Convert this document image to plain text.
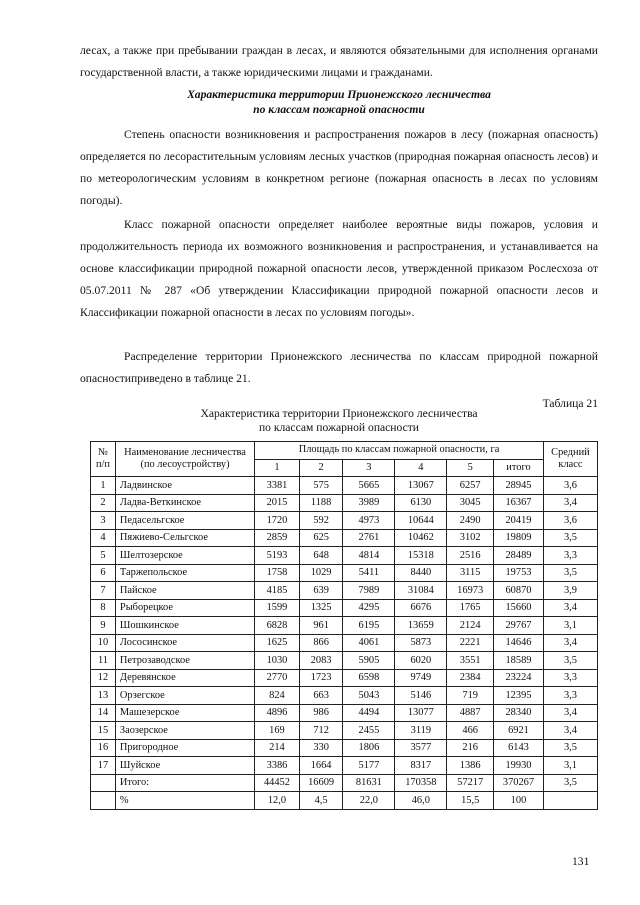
лесах, а также при пребывании граждан в лесах, и являются обязательными для исполнения органами государственной власти, а также юридическими лицами и гражданами.

Характеристика территории Прионежского лесничества
по классам пожарной опасности

Степень опасности возникновения и распространения пожаров в лесу (пожарная опасность) определяется по лесорастительным условиям лесных участков (природная пожарная опасность лесов) и по метеорологическим условиям в конкретном регионе (пожарная опасность в лесах по условиям погоды).

Класс пожарной опасности определяет наиболее вероятные виды пожаров, условия и продолжительность периода их возможного возникновения и распространения, и устанавливается на основе классификации природной пожарной опасности лесов, утвержденной приказом Рослесхоза от 05.07.2011 № 287 «Об утверждении Классификации природной пожарной опасности лесов и Классификации пожарной опасности в лесах по условиям погоды».

Распределение территории Прионежского лесничества по классам природной пожарной опасностиприведено в таблице 21.

Таблица 21
Характеристика территории Прионежского лесничества
по классам пожарной опасности
№ п/п	Наименование лесничества (по лесоустройству)	Площадь по классам пожарной опасности, га						Средний класс
		1	2	3	4	5	итого	
1	Ладвинское	3381	575	5665	13067	6257	28945	3,6
2	Ладва-Веткинское	2015	1188	3989	6130	3045	16367	3,4
3	Педасельгское	1720	592	4973	10644	2490	20419	3,6
4	Пяжиево-Сельгское	2859	625	2761	10462	3102	19809	3,5
5	Шелтозерское	5193	648	4814	15318	2516	28489	3,3
6	Таржепольское	1758	1029	5411	8440	3115	19753	3,5
7	Пайское	4185	639	7989	31084	16973	60870	3,9
8	Рыборецкое	1599	1325	4295	6676	1765	15660	3,4
9	Шошкинское	6828	961	6195	13659	2124	29767	3,1
10	Лососинское	1625	866	4061	5873	2221	14646	3,4
11	Петрозаводское	1030	2083	5905	6020	3551	18589	3,5
12	Деревянское	2770	1723	6598	9749	2384	23224	3,3
13	Орзегское	824	663	5043	5146	719	12395	3,3
14	Машезерское	4896	986	4494	13077	4887	28340	3,4
15	Заозерское	169	712	2455	3119	466	6921	3,4
16	Пригородное	214	330	1806	3577	216	6143	3,5
17	Шуйское	3386	1664	5177	8317	1386	19930	3,1
	Итого:	44452	16609	81631	170358	57217	370267	3,5
	%	12,0	4,5	22,0	46,0	15,5	100	
131
